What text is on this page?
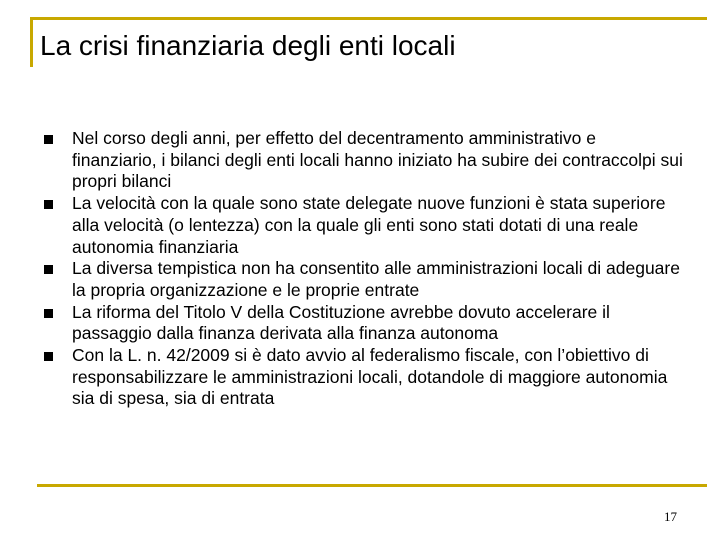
La crisi finanziaria degli enti locali
Nel corso degli anni, per effetto del decentramento amministrativo e finanziario, i bilanci degli enti locali hanno iniziato ha subire dei contraccolpi sui propri bilanci
La velocità con la quale sono state delegate nuove funzioni è stata superiore alla velocità (o lentezza) con la quale gli enti sono stati dotati di una reale autonomia finanziaria
La diversa tempistica non ha consentito alle amministrazioni locali di adeguare la propria organizzazione e le proprie entrate
La riforma del Titolo V della Costituzione avrebbe dovuto accelerare il passaggio dalla finanza derivata alla finanza autonoma
Con la L. n. 42/2009 si è dato avvio al federalismo fiscale, con l’obiettivo di responsabilizzare le amministrazioni locali, dotandole di maggiore autonomia sia di spesa, sia di entrata
17
